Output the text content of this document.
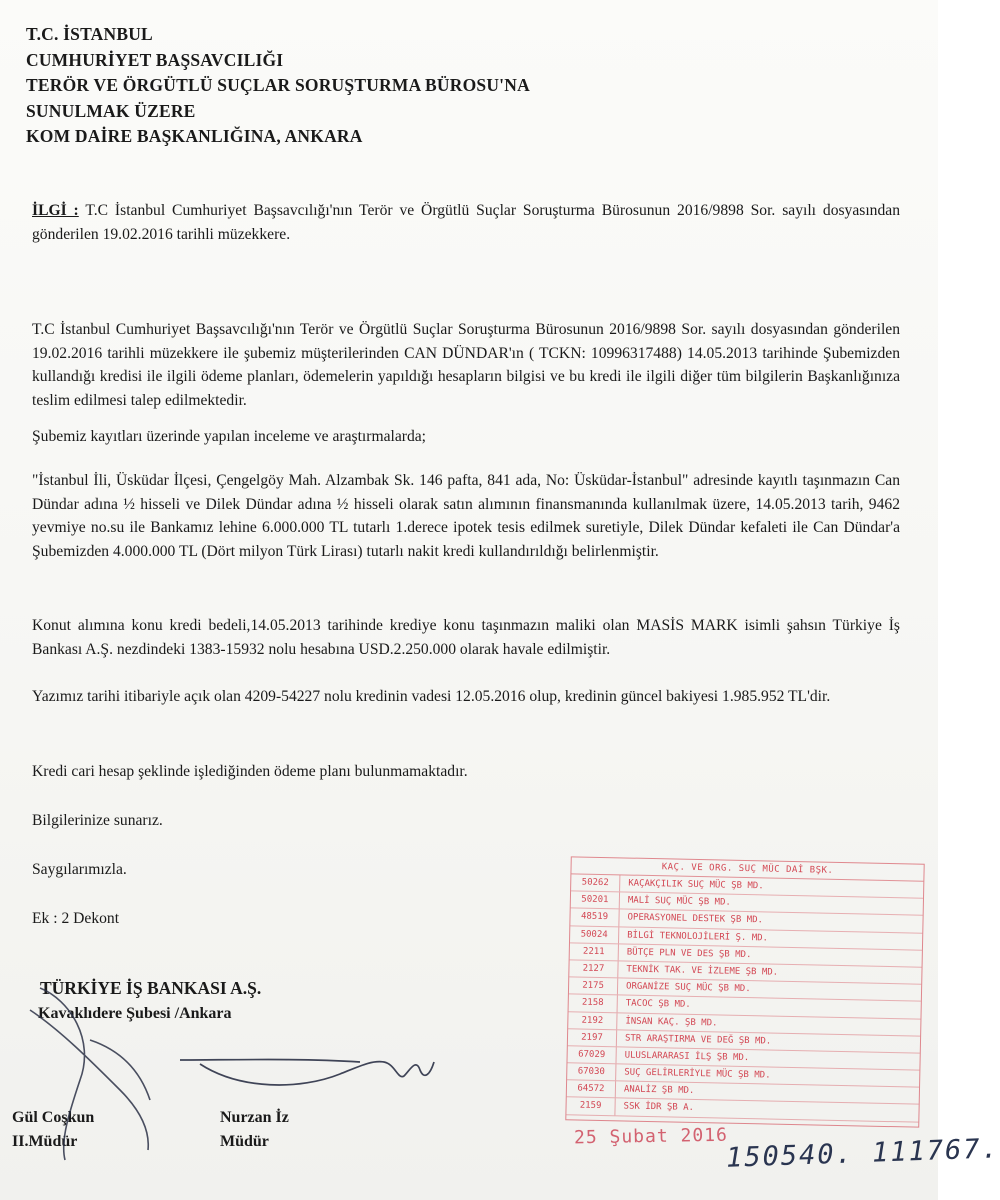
T.C. İSTANBUL
CUMHURİYET BAŞSAVCILIĞI
TERÖR VE ÖRGÜTLÜ SUÇLAR SORUŞTURMA BÜROSU'NA
SUNULMAK ÜZERE
KOM DAİRE BAŞKANLIĞINA, ANKARA
İLGİ : T.C İstanbul Cumhuriyet Başsavcılığı'nın Terör ve Örgütlü Suçlar Soruşturma Bürosunun 2016/9898 Sor. sayılı dosyasından gönderilen 19.02.2016 tarihli müzekkere.
T.C İstanbul Cumhuriyet Başsavcılığı'nın Terör ve Örgütlü Suçlar Soruşturma Bürosunun 2016/9898 Sor. sayılı dosyasından gönderilen 19.02.2016 tarihli müzekkere ile şubemiz müşterilerinden CAN DÜNDAR'ın ( TCKN: 10996317488) 14.05.2013 tarihinde Şubemizden kullandığı kredisi ile ilgili ödeme planları, ödemelerin yapıldığı hesapların bilgisi ve bu kredi ile ilgili diğer tüm bilgilerin Başkanlığınıza teslim edilmesi talep edilmektedir.
Şubemiz kayıtları üzerinde yapılan inceleme ve araştırmalarda;
"İstanbul İli, Üsküdar İlçesi, Çengelgöy Mah. Alzambak Sk. 146 pafta, 841 ada, No: Üsküdar-İstanbul" adresinde kayıtlı taşınmazın Can Dündar adına ½ hisseli ve Dilek Dündar adına ½ hisseli olarak satın alımının finansmanında kullanılmak üzere, 14.05.2013 tarih, 9462 yevmiye no.su ile Bankamız lehine 6.000.000 TL tutarlı 1.derece ipotek tesis edilmek suretiyle, Dilek Dündar kefaleti ile Can Dündar'a Şubemizden 4.000.000 TL (Dört milyon Türk Lirası) tutarlı nakit kredi kullandırıldığı belirlenmiştir.
Konut alımına konu kredi bedeli,14.05.2013 tarihinde krediye konu taşınmazın maliki olan MASİS MARK isimli şahsın Türkiye İş Bankası A.Ş. nezdindeki 1383-15932 nolu hesabına USD.2.250.000 olarak havale edilmiştir.
Yazımız tarihi itibariyle açık olan 4209-54227 nolu kredinin vadesi 12.05.2016 olup, kredinin güncel bakiyesi 1.985.952 TL'dir.
Kredi cari hesap şeklinde işlediğinden ödeme planı bulunmamaktadır.
Bilgilerinize sunarız.
Saygılarımızla.
Ek : 2 Dekont
TÜRKİYE İŞ BANKASI A.Ş.
Kavaklıdere Şubesi /Ankara
Gül Coşkun
II.Müdür
Nurzan İz
Müdür
KAÇ. VE ORG. SUÇ MÜC DAİ BŞK.
50262	KAÇAKÇILIK SUÇ MÜC ŞB MD.
50201	MALİ SUÇ MÜC ŞB MD.
48519	OPERASYONEL DESTEK ŞB MD.
50024	BİLGİ TEKNOLOJİLERİ Ş. MD.
2211	BÜTÇE PLN VE DES ŞB MD.
2127	TEKNİK TAK. VE İZLEME ŞB MD.
2175	ORGANİZE SUÇ MÜC ŞB MD.
2158	TACOC ŞB MD.
2192	İNSAN KAÇ. ŞB MD.
2197	STR ARAŞTIRMA VE DEĞ ŞB MD.
67029	ULUSLARARASI İLŞ ŞB MD.
67030	SUÇ GELİRLERİYLE MÜC ŞB MD.
64572	ANALİZ ŞB MD.
2159	SSK İDR ŞB A.
25 Şubat 2016
150540. 111767.
